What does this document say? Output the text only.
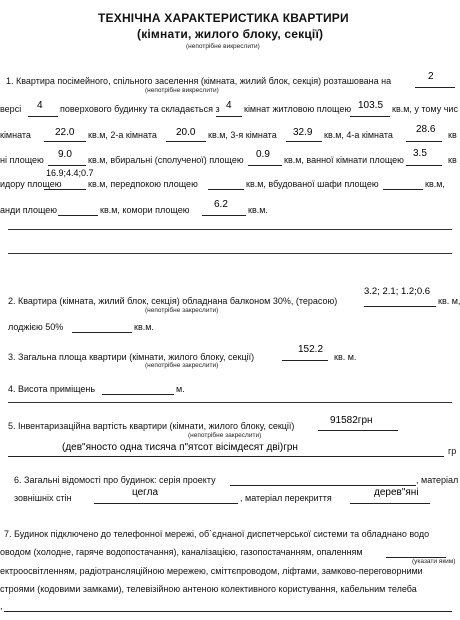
ТЕХНІЧНА ХАРАКТЕРИСТИКА КВАРТИРИ
(кімнати, жилого блоку, секції)
(непотрібне викреслити)
1. Квартира посімейного, спільного заселення (кімната, жилий блок, секція) розташована на	2
(непотрібне викреслити)
версі 4 поверхового будинку та складається з 4 кімнат житловою площею 103.5 кв.м, у тому чис
кімната 22.0 кв.м, 2-а кімната 20.0 кв.м, 3-я кімната 32.9 кв.м, 4-а кімната 28.6 кв
ні площею 9.0 кв.м, вбиральні (сполученої) площею 0.9 кв.м, ванної кімнати площею
3.5
кв
16.9;4.4;0.7
идору площею	кв.м, передпокою площею	кв.м, вбудованої шафи площею	кв.м,
анди площею	кв.м, комори площею 6.2 кв.м.
3.2; 2.1; 1.2;0.6
2. Квартира (кімната, жилий блок, секція) обладнана балконом 30%, (терасою)	кв. м,
(непотрібне закреслити)
лоджією 50%	кв.м.
3. Загальна площа квартири (кімнати, жилого блоку, секції)
152.2
кв. м.
(непотрібне закреслити)
4. Висота приміщень	м.
5. Інвентаризаційна вартість квартири (кімнати, жилого блоку, секції)	91582грн
(непотрібне закреслити)
(дев"яносто одна тисяча п"ятсот вісімдесят дві)грн	гр
6. Загальні відомості про будинок: серія проекту	, матеріал
зовнішніх стін	цегла	, матеріал перекриття	дерев"яні
7. Будинок підключено до телефонної мережі, об`єднаної диспетчерської системи та обладнано водо
оводом (холодне, гаряче водопостачання), каналізацією, газопостачанням, опаленням
(указати яким)
ектроосвітленням, радіотрансляційною мережею, сміттєпроводом, ліфтами, замково-переговорними
строями (кодовими замками), телевізійною антеною колективного користування, кабельним телеба
,
